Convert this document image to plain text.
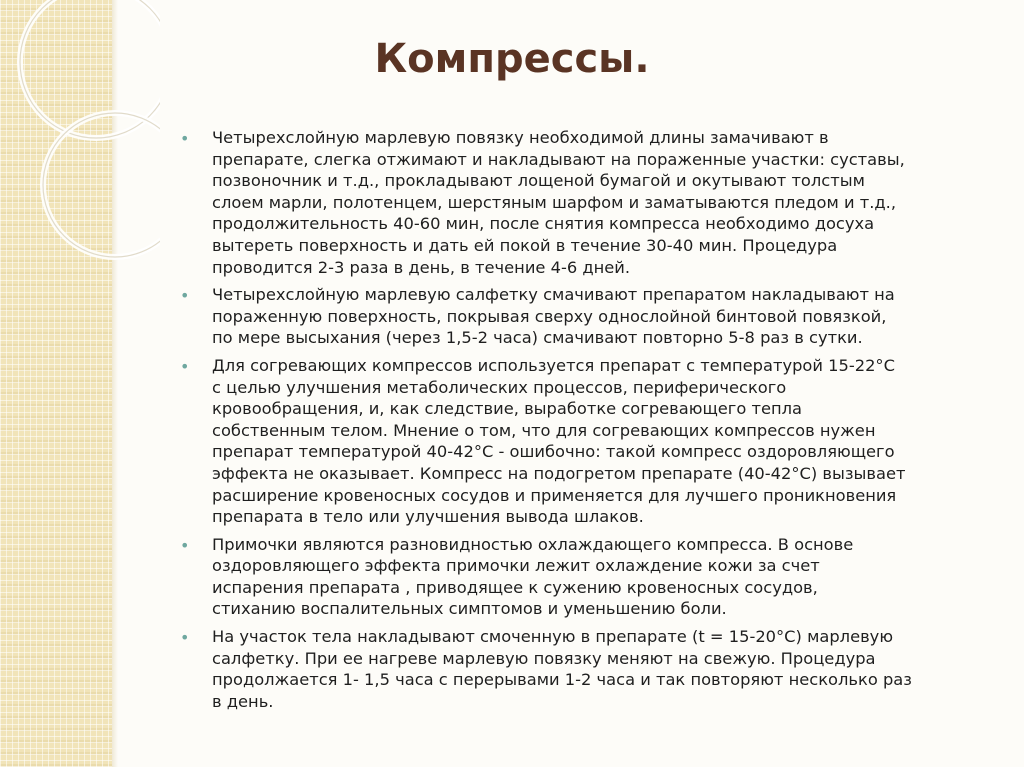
Компрессы.
• Четырехслойную марлевую повязку необходимой длины замачивают в
препарате, слегка отжимают и накладывают на пораженные участки: суставы,
позвоночник и т.д., прокладывают лощеной бумагой и окутывают толстым
слоем марли, полотенцем, шерстяным шарфом и заматываются пледом и т.д.,
продолжительность 40-60 мин, после снятия компресса необходимо досуха
вытереть поверхность и дать ей покой в течение 30-40 мин. Процедура
проводится 2-3 раза в день, в течение 4-6 дней.
• Четырехслойную марлевую салфетку смачивают препаратом накладывают на
пораженную поверхность, покрывая сверху однослойной бинтовой повязкой,
по мере высыхания (через 1,5-2 часа) смачивают повторно 5-8 раз в сутки.
• Для согревающих компрессов используется препарат с температурой 15-22°С
с целью улучшения метаболических процессов, периферического
кровообращения, и, как следствие, выработке согревающего тепла
собственным телом. Мнение о том, что для согревающих компрессов нужен
препарат температурой 40-42°С - ошибочно: такой компресс оздоровляющего
эффекта не оказывает. Компресс на подогретом препарате (40-42°С) вызывает
расширение кровеносных сосудов и применяется для лучшего проникновения
препарата в тело или улучшения вывода шлаков.
• Примочки являются разновидностью охлаждающего компресса. В основе
оздоровляющего эффекта примочки лежит охлаждение кожи за счет
испарения препарата , приводящее к сужению кровеносных сосудов,
стиханию воспалительных симптомов и уменьшению боли.
• На участок тела накладывают смоченную в препарате (t = 15-20°С) марлевую
салфетку. При ее нагреве марлевую повязку меняют на свежую. Процедура
продолжается 1- 1,5 часа с перерывами 1-2 часа и так повторяют несколько раз
в день.
